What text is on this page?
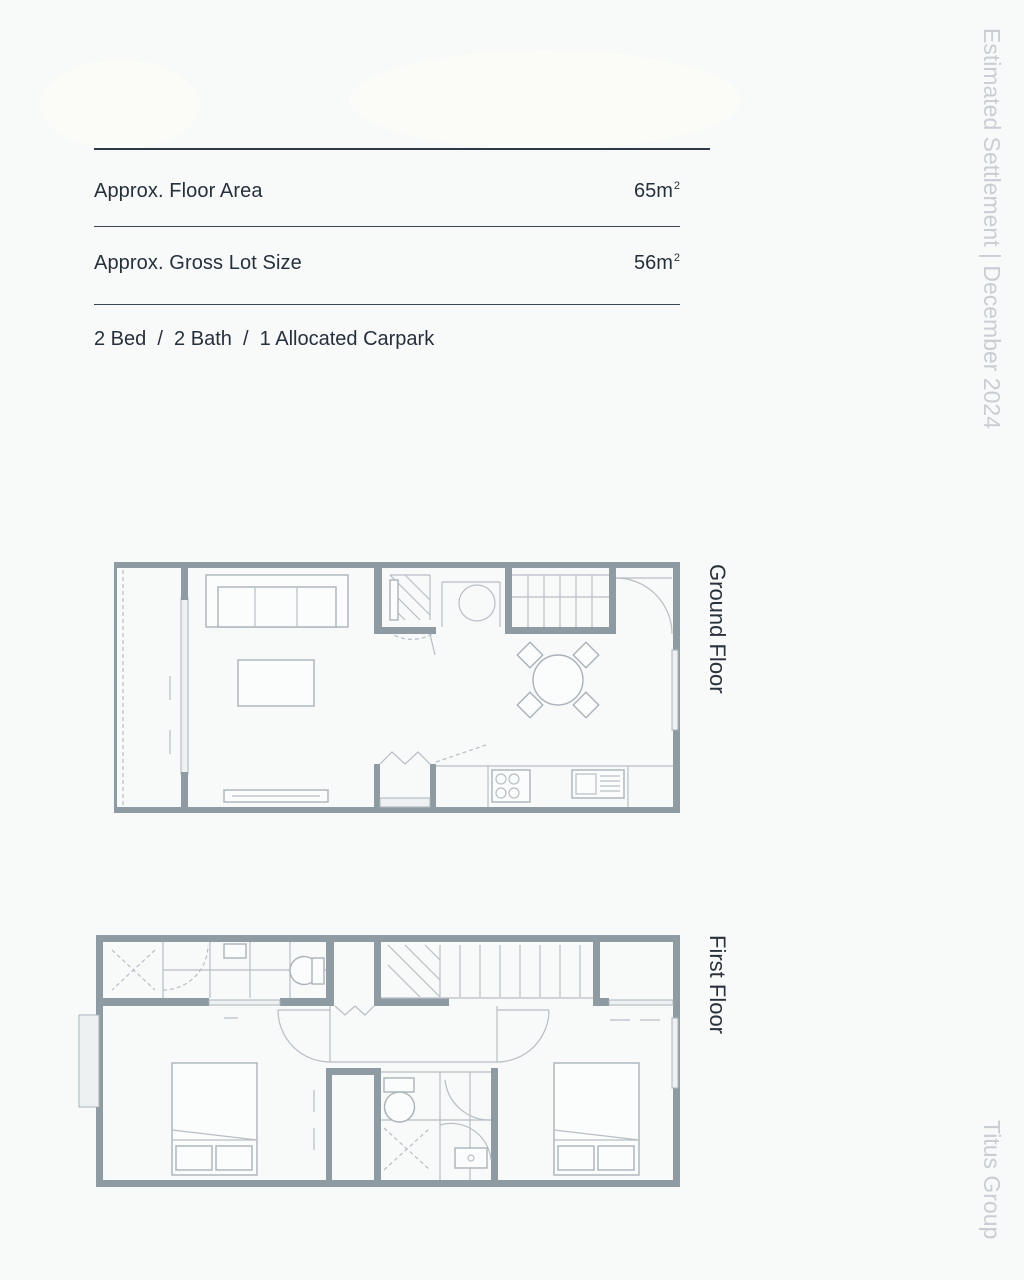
Approx. Floor Area	$65m^2$
Approx. Gross Lot Size	$56m^2$
2 Bed  /  2 Bath  /  1 Allocated Carpark	Estimated Settlement | December 2024
Titus Group
Ground Floor
First Floor
